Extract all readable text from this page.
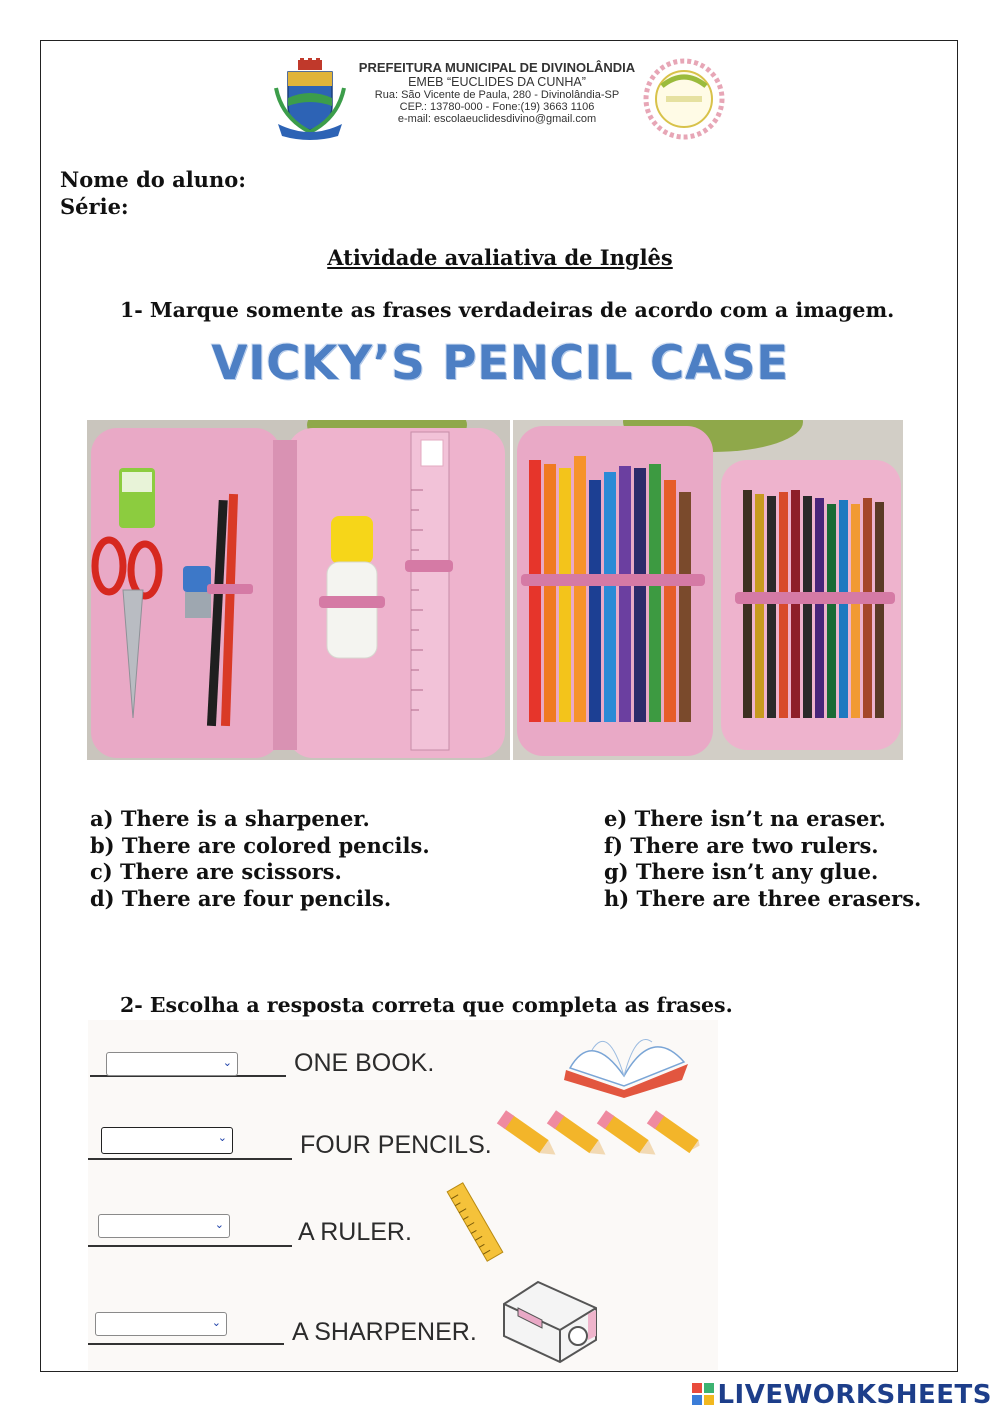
PREFEITURA MUNICIPAL DE DIVINOLÂNDIA
EMEB “EUCLIDES DA CUNHA”
Rua: São Vicente de Paula, 280 - Divinolândia-SP
CEP.: 13780-000 - Fone:(19) 3663 1106
e-mail: escolaeuclidesdivino@gmail.com
Nome do aluno:
Série:
Atividade avaliativa de Inglês
1- Marque somente as frases verdadeiras de acordo com a imagem.
VICKY’S PENCIL CASE
a) There is a sharpener.
b) There are colored pencils.
c) There are scissors.
d) There are four pencils.
e) There isn’t na eraser.
f) There are two rulers.
g) There isn’t any glue.
h) There are three erasers.
⌄ ONE BOOK.
⌄	FOUR PENCILS.
⌄	A RULER.
⌄	A SHARPENER.
2- Escolha a resposta correta que completa as frases.
LIVEWORKSHEETS
